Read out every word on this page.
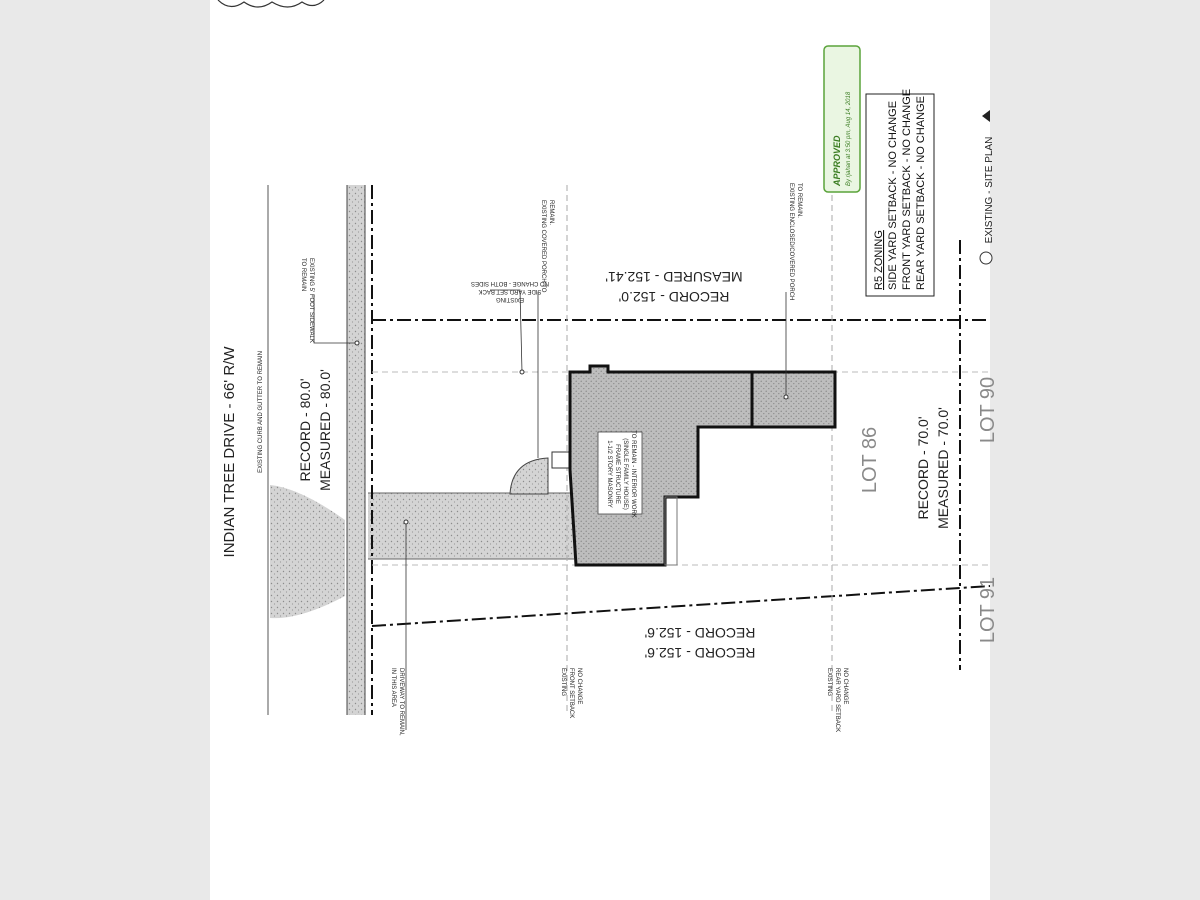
INDIAN TREE DRIVE - 66' R/W	EXISTING CURB AND GUTTER TO REMAIN
EXISTING 5' FOOT SIDEWALK
TO REMAIN
RECORD - 80.0' MEASURED - 80.0'
DRIVEWAY TO REMAIN,
IN THIS AREA
MEASURED - 152.41'
RECORD - 152.0'
RECORD - 152.6'
RECORD - 152.6'
EXISTING
SIDE YARD SET BACK
NO CHANGE - BOTH SIDES
EXISTING COVERED PORCH TO REMAIN.	EXISTING ENCLOSED/COVERED PORCH TO REMAIN.
1-1/2 STORY MASONRY FRAME STRUCTURE (SINGLE FAMILY HOUSE) TO REMAIN - INTERIOR WORK	LOT 86
LOT 90
LOT 91
RECORD - 70.0' MEASURED - 70.0'
EXISTING FRONT SETBACK NO CHANGE	EXISTING REAR YARD SETBACK NO CHANGE
R5 ZONING SIDE YARD SETBACK - NO CHANGE FRONT YARD SETBACK - NO CHANGE REAR YARD SETBACK - NO CHANGE
APPROVED By rjahan at 3:50 pm, Aug 14, 2018	EXISTING - SITE PLAN
